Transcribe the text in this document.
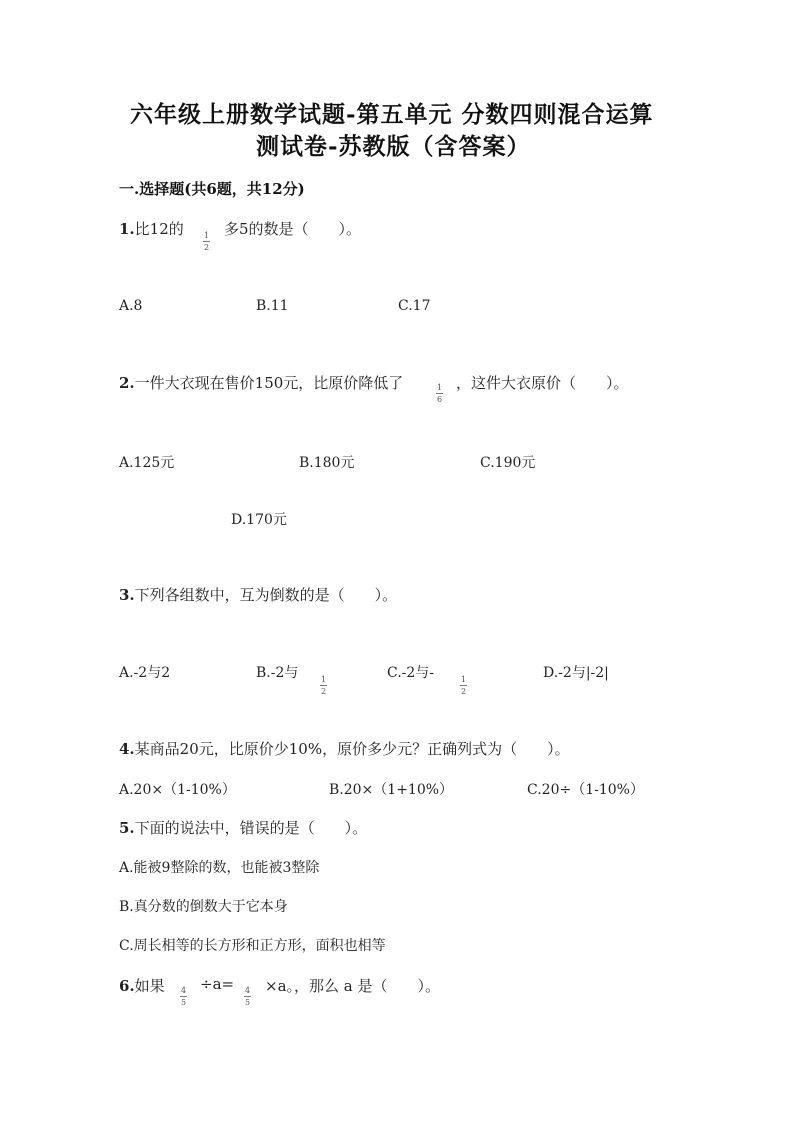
六年级上册数学试题-第五单元 分数四则混合运算
测试卷-苏教版（含答案）
一.选择题(共6题，共12分)
1.比12的	1
2
多5的数是（　　）。
A.8	B.11	C.17
2.一件大衣现在售价150元，比原价降低了	1
6
，这件大衣原价（　　）。
A.125元	B.180元	C.190元
D.170元
3.下列各组数中，互为倒数的是（　　）。
A.-2与2	B.-2与	1
2
C.-2与-	1
2
D.-2与|-2|
4.某商品20元，比原价少10%，原价多少元？正确列式为（　　）。
A.20×（1-10%）	B.20×（1+10%）	C.20÷（1-10%）
5.下面的说法中，错误的是（　　）。
A.能被9整除的数，也能被3整除
B.真分数的倒数大于它本身
C.周长相等的长方形和正方形，面积也相等
6.如果 4
5
÷a= 4
5
×a。，那么 a 是（　　）。
